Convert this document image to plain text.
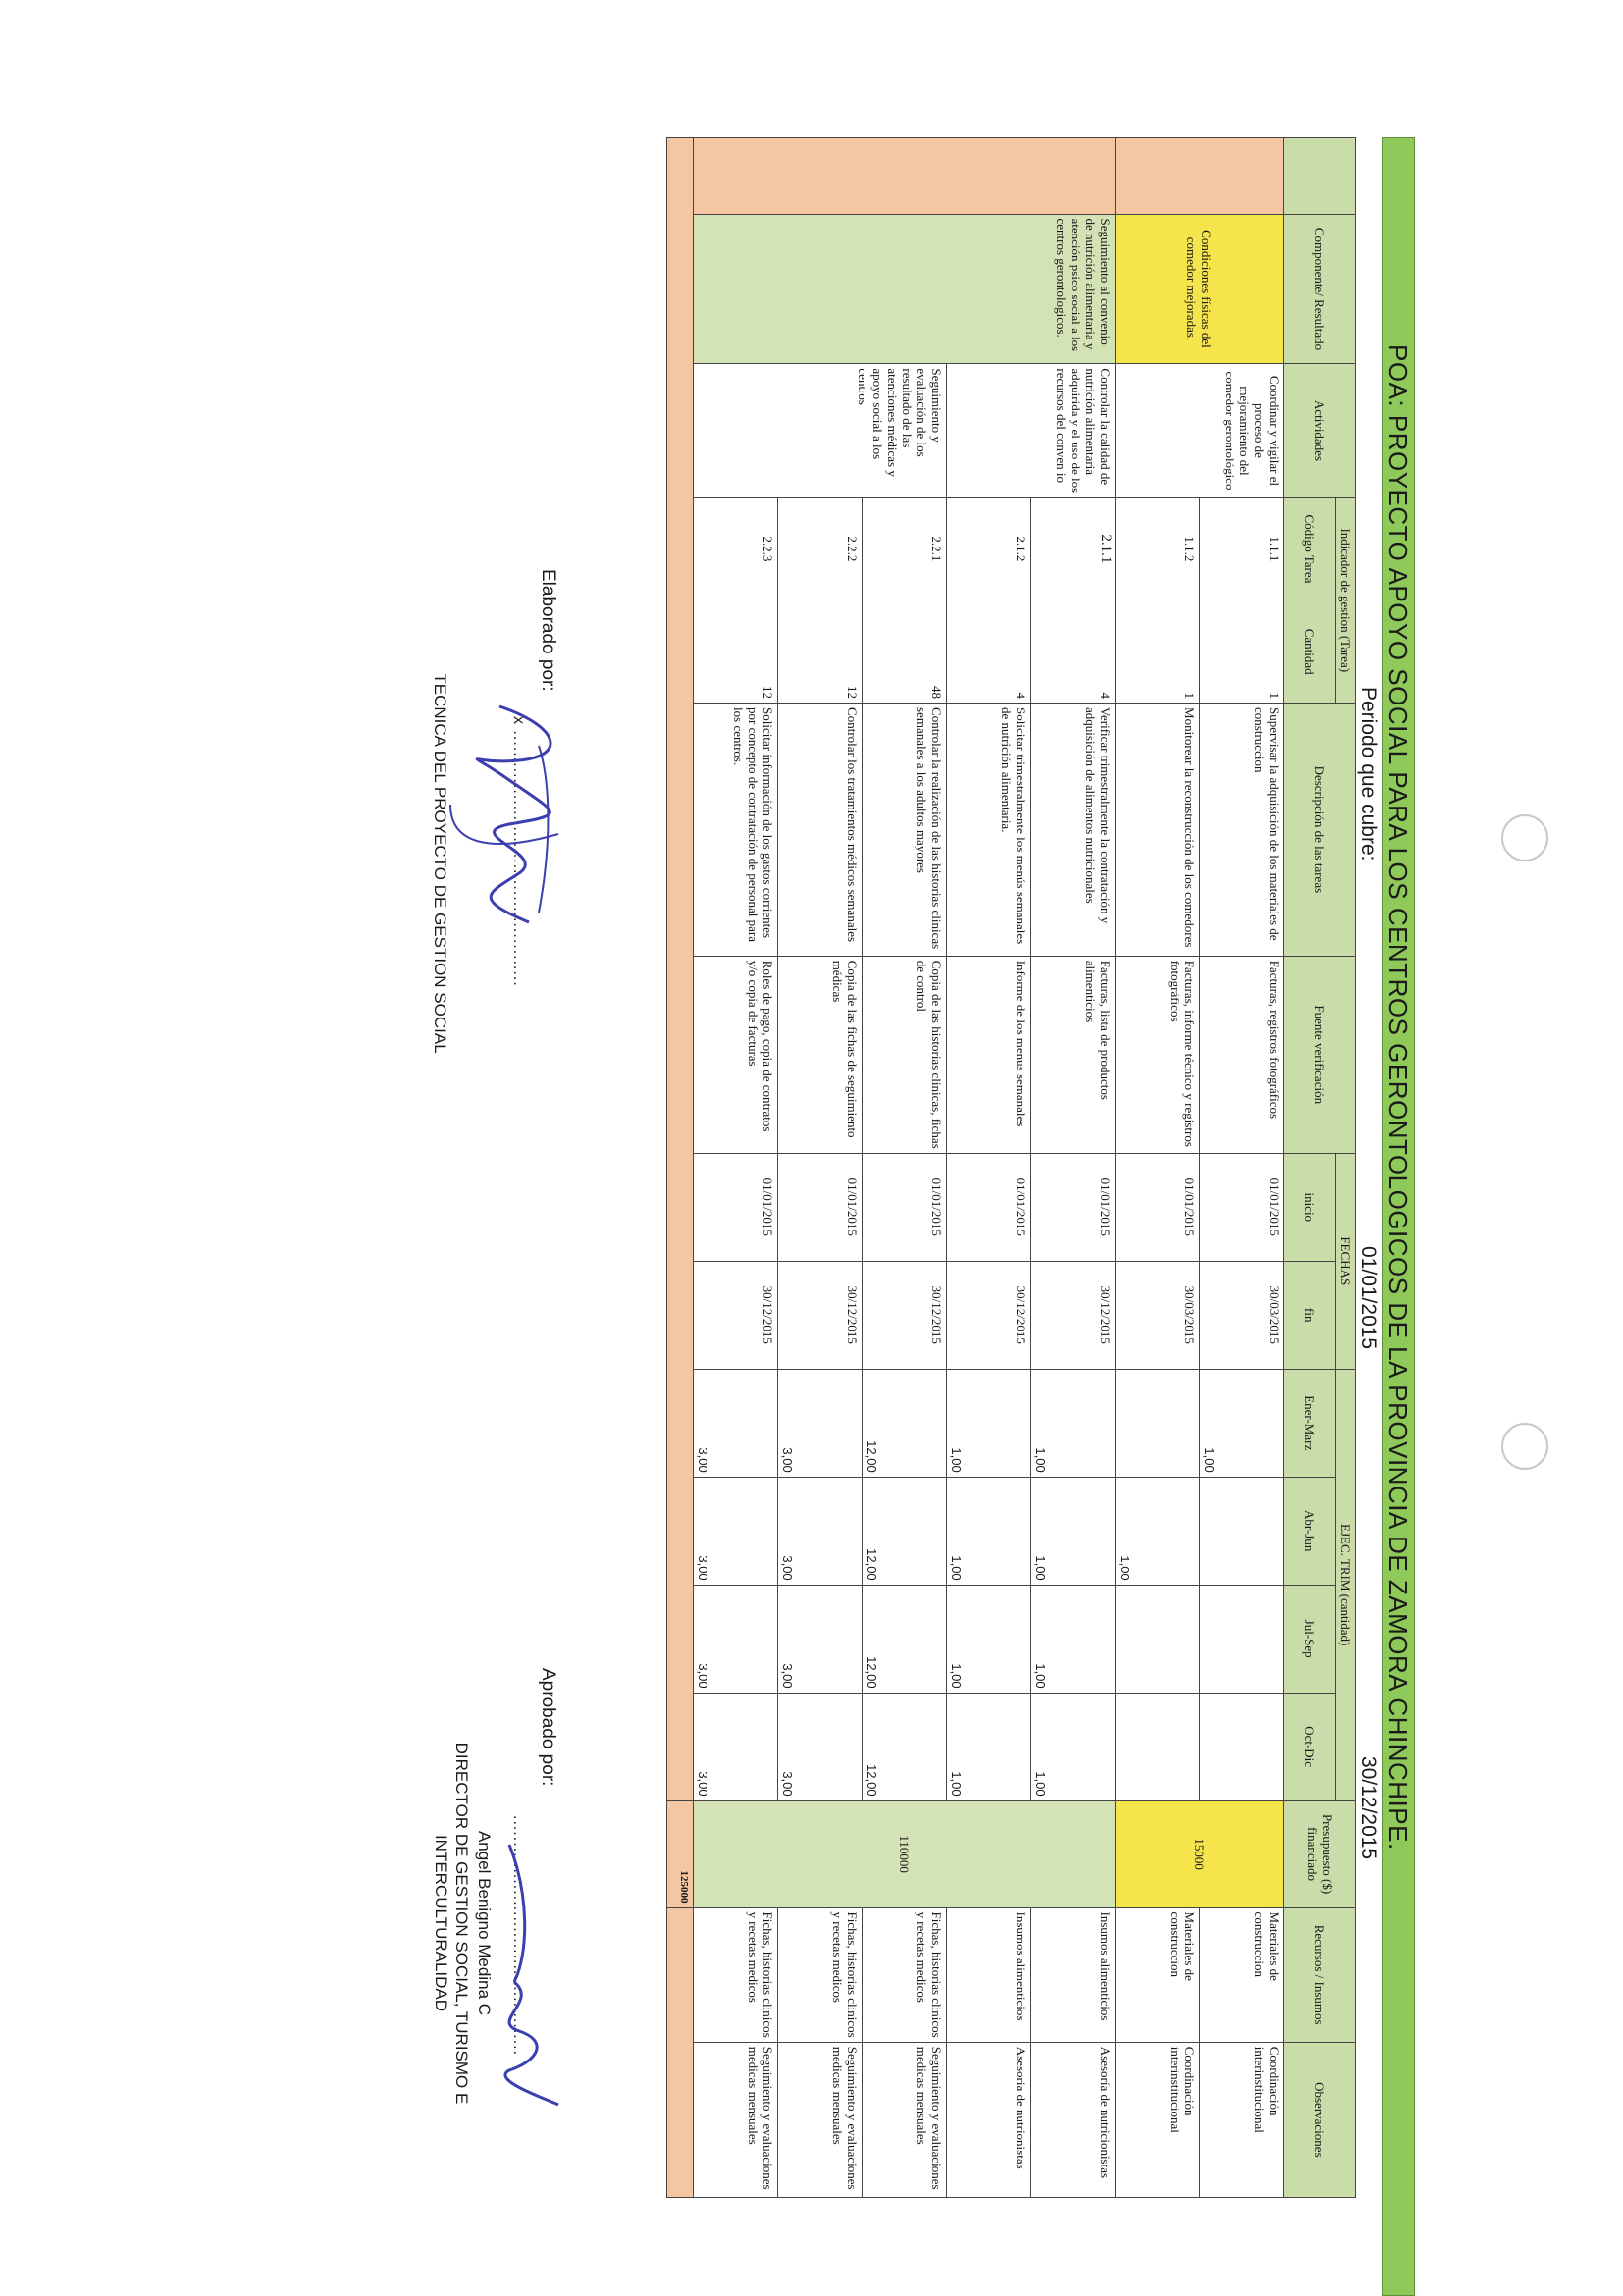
POA: PROYECTO APOYO SOCIAL PARA LOS CENTROS GERONTOLOGICOS DE LA PROVINCIA DE ZAMORA CHINCHIPE.
Periodo que cubre:
01/01/2015
30/12/2015
	Componente/ Resultado	Actividades	Indicador de gestion (Tarea)		Descripción de las tareas	Fuente verificación	FECHAS		EJEC. TRIM (cantidad)				Presupuesto ($) financiado	Recursos / Insumos	Observaciones
			Código Tarea	Cantidad			inicio	fin	Ener-Marz	Abr-Jun	Jul-Sep	Oct-Dic			
	Condiciones físicas del comedor mejoradas.	Coordinar y vigilar el proceso de mejoramiento del comedor gerontológico	1.1.1	1	Supervisar la adquisición de los materiales de construccion	Facturas, registros fotográficos	01/01/2015	30/03/2015	1,00				15000	Materiales de construccion	Coordinación interinstitucional
			1.1.2	1	Monitorear la reconstrucción de los comedores	Facturas, informe técnico y registros fotográficos	01/01/2015	30/03/2015		1,00				Materiales de construccion	Coordinación interinstitucional
	Seguimiento al convenio de nutrición alimentaria y atención psico social a los centros gerontologicos.	Controlar la calidad de nutrición alimentaria adquirida y el uso de los recursos del conven io	2.1.1	4	Verificar trimestralmente la contratación y adquisición de alimentos nutricionales	Facturas, lista de productos alimenticios	01/01/2015	30/12/2015	1,00	1,00	1,00	1,00	110000	Insumos alimenticios	Asesoría de nutricionistas
			2.1.2	4	Solicitar trimestralmente los menús semanales de nutrición alimentaria.	Informe de los menus semanales	01/01/2015	30/12/2015	1,00	1,00	1,00	1,00		Insumos alimenticios	Asesoria de nutrionistas
		Seguimiento y evaluación de los resultado de las atenciones médicas y apoyo social a los centros	2.2.1	48	Controlar la realización de las historias clinicas semanales a los adultos mayores	Copia de las historias clinicas, fichas de control	01/01/2015	30/12/2015	12,00	12,00	12,00	12,00		Fichas, historias clinicos y recetas medicos	Seguimiento y evaluaciones medicas mensuales
			2.2.2	12	Controlar los tratamientos médicos semanales	Copia de las fichas de seguimiento médicas	01/01/2015	30/12/2015	3,00	3,00	3,00	3,00		Fichas, historias clinicos y recetas medicos	Seguimiento y evaluaciones medicas mensuales
			2.2.3	12	Solicitar información de los gastos corrientes por concepto de contratación de personal para los centros.	Roles de pago, copia de contratos y/o copia de facturas	01/01/2015	30/12/2015	3,00	3,00	3,00	3,00		Fichas, historias clinicos y recetas medicos	Seguimiento y evaluaciones medicas mensuales
													125000		
Elaborado por:
x ................................................
TECNICA DEL PROYECTO DE GESTION SOCIAL
Aprobado por:
.............................................
Angel Benigno Medina C
DIRECTOR DE GESTION SOCIAL, TURISMO E
INTERCULTURALIDAD
